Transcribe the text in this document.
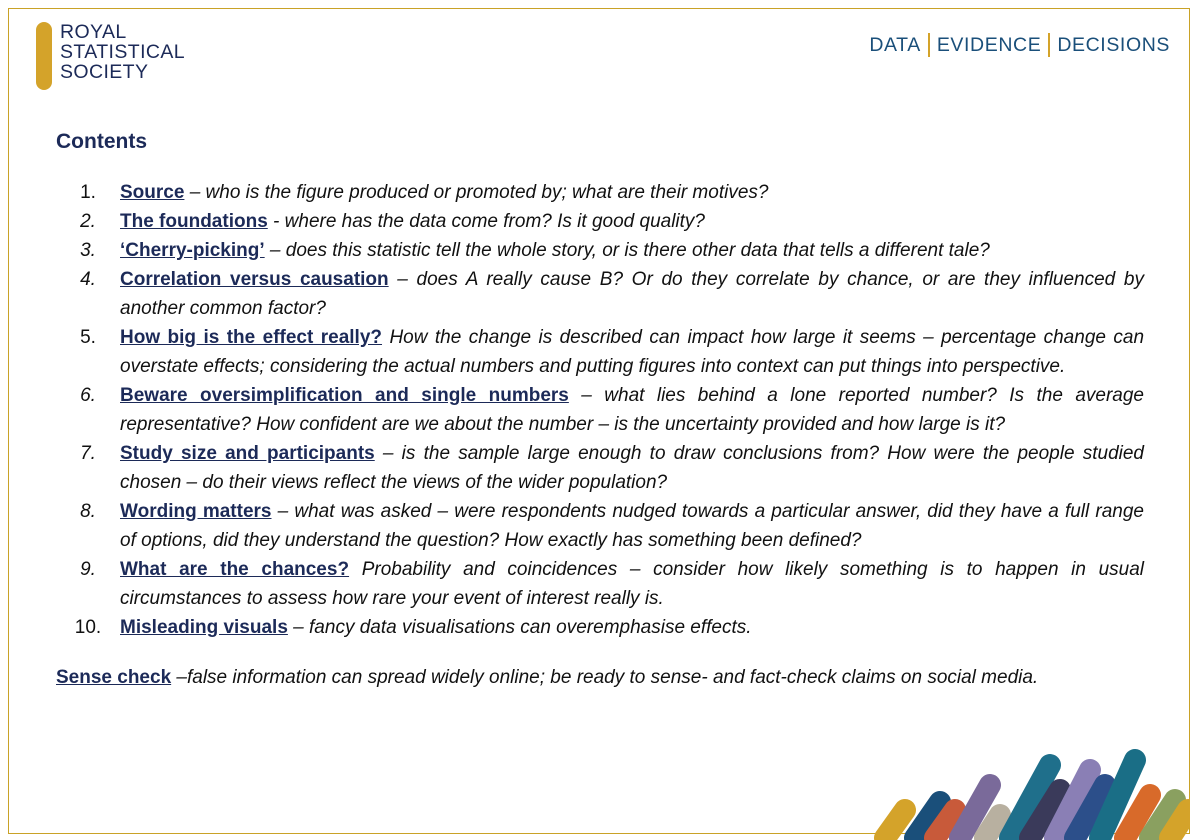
ROYAL
STATISTICAL
SOCIETY
DATA EVIDENCE DECISIONS
Contents
1.	Source – who is the figure produced or promoted by; what are their motives?
2.	The foundations - where has the data come from? Is it good quality?
3.	‘Cherry-picking’ – does this statistic tell the whole story, or is there other data that tells a different tale?
4.	Correlation versus causation – does A really cause B? Or do they correlate by chance, or are they influenced by another common factor?
5.	How big is the effect really? How the change is described can impact how large it seems – percentage change can overstate effects; considering the actual numbers and putting figures into context can put things into perspective.
6.	Beware oversimplification and single numbers – what lies behind a lone reported number? Is the average representative? How confident are we about the number – is the uncertainty provided and how large is it?
7.	Study size and participants – is the sample large enough to draw conclusions from? How were the people studied chosen – do their views reflect the views of the wider population?
8.	Wording matters – what was asked – were respondents nudged towards a particular answer, did they have a full range of options, did they understand the question? How exactly has something been defined?
9.	What are the chances? Probability and coincidences – consider how likely something is to happen in usual circumstances to assess how rare your event of interest really is.
10. Misleading visuals – fancy data visualisations can overemphasise effects.
Sense check –false information can spread widely online; be ready to sense- and fact-check claims on social media.
